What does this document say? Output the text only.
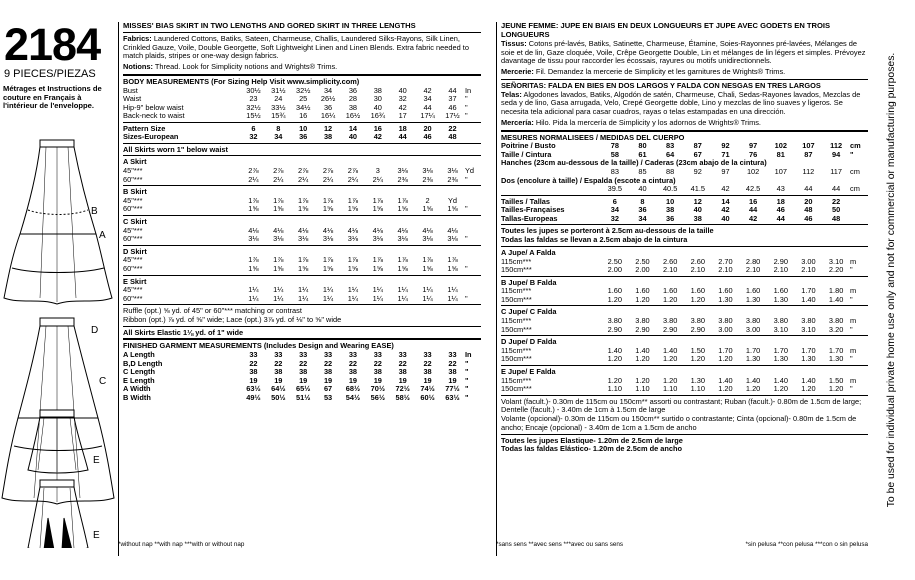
2184
9 PIECES/PIEZAS
Métrages et Instructions de couture en Français à l'intérieur de l'enveloppe.
B
A
D
C
E
E
MISSES' BIAS SKIRT IN TWO LENGTHS AND GORED SKIRT IN THREE LENGTHS
Fabrics: Laundered Cottons, Batiks, Sateen, Charmeuse, Challis, Laundered Silks-Rayons, Silk Linen, Crinkled Gauze, Voile, Double Georgette, Soft Lightweight Linen and Linen Blends. Extra fabric needed to match plaids, stripes or one-way design fabrics.
Notions: Thread. Look for Simplicity notions and Wrights® Trims.
BODY MEASUREMENTS (For Sizing Help Visit www.simplicity.com)
Bust	30½	31½	32½	34	36	38	40	42	44	In
Waist	23	24	25	26½	28	30	32	34	37	"
Hip-9" below waist	32½	33½	34½	36	38	40	42	44	46	"
Back-neck to waist	15½	15¾	16	16¼	16½	16¾	17	17¼	17½	"
Pattern Size	6	8	10	12	14	16	18	20	22	
Sizes-European	32	34	36	38	40	42	44	46	48	
All Skirts worn 1" below waist
A Skirt
45"***	2⅞	2⅞	2⅞	2⅞	2⅞	3	3⅛	3⅛	3⅛	Yd
60"***	2¼	2¼	2¼	2¼	2¼	2¼	2⅜	2⅜	2⅜	"
B Skirt
45"***	1⅞	1⅞	1⅞	1⅞	1⅞	1⅞	1⅞	2	Yd	
60"***	1⅝	1⅝	1⅝	1⅝	1⅝	1⅝	1⅝	1⅝	1⅝	"
C Skirt
45"***	4⅛	4⅛	4⅛	4⅛	4⅛	4⅛	4⅛	4⅛	4⅛	
60"***	3⅛	3⅛	3⅛	3⅛	3⅛	3⅛	3⅛	3⅛	3⅛	"
D Skirt
45"***	1⅞	1⅞	1⅞	1⅞	1⅞	1⅞	1⅞	1⅞	1⅞	
60"***	1⅝	1⅝	1⅝	1⅝	1⅝	1⅝	1⅝	1⅝	1⅝	"
E Skirt
45"***	1¼	1¼	1¼	1¼	1¼	1¼	1¼	1¼	1¼	
60"***	1¼	1¼	1¼	1¼	1¼	1¼	1¼	1¼	1¼	"
Ruffle (opt.) ⅝ yd. of 45" or 60"*** matching or contrast
Ribbon (opt.) ⅞ yd. of ⅝" wide; Lace (opt.) 3⅞ yd. of ⅛" to ⅝" wide
All Skirts Elastic 1⅛ yd. of 1" wide
FINISHED GARMENT MEASUREMENTS (Includes Design and Wearing EASE)
A Length	33	33	33	33	33	33	33	33	33	In
B,D Length	22	22	22	22	22	22	22	22	22	"
C Length	38	38	38	38	38	38	38	38	38	"
E Length	19	19	19	19	19	19	19	19	19	"
A Width	63½	64½	65½	67	68½	70½	72½	74½	77½	"
B Width	49½	50½	51½	53	54½	56½	58½	60½	63½	"
*without nap **with nap ***with or without nap
JEUNE FEMME: JUPE EN BIAIS EN DEUX LONGUEURS ET JUPE AVEC GODETS EN TROIS LONGUEURS
Tissus: Cotons pré-lavés, Batiks, Satinette, Charmeuse, Étamine, Soies-Rayonnes pré-lavées, Mélanges de soie et de lin, Gaze cloquée, Voile, Crêpe Georgette Double, Lin et mélanges de lin légers et simples. Prévoyez davantage de tissu pour raccorder les écossais, rayures ou motifs unidirectionnels.
Mercerie: Fil. Demandez la mercerie de Simplicity et les garnitures de Wrights® Trims.
SEÑORITAS: FALDA EN BIES EN DOS LARGOS Y FALDA CON NESGAS EN TRES LARGOS
Telas: Algodones lavados, Batiks, Algodón de satén, Charmeuse, Chali, Sedas-Rayones lavados, Mezclas de seda y de lino, Gasa arrugada, Velo, Crepé Georgette doble, Lino y mezclas de lino suaves y ligeros. Se necesita tela adicional para casar cuadros, rayas o telas estampadas en una dirección.
Mercería: Hilo. Pida la mercería de Simplicity y los adornos de Wrights® Trims.
MESURES NORMALISEES / MEDIDAS DEL CUERPO
Poitrine / Busto	78	80	83	87	92	97	102	107	112	cm
Taille / Cintura	58	61	64	67	71	76	81	87	94	"
Hanches (23cm au-dessous de la taille) / Caderas (23cm abajo de la cintura)
	83	85	88	92	97	102	107	112	117	cm
Dos (encolure à taille) / Espalda (escote a cintura)
	39.5	40	40.5	41.5	42	42.5	43	44	44	cm
Tailles / Tallas	6	8	10	12	14	16	18	20	22	
Tailles-Françaises	34	36	38	40	42	44	46	48	50	
Tallas-Europeas	32	34	36	38	40	42	44	46	48	
Toutes les jupes se porteront à 2.5cm au-dessous de la taille
Todas las faldas se llevan a 2.5cm abajo de la cintura
A Jupe/ A Falda
115cm***	2.50	2.50	2.60	2.60	2.70	2.80	2.90	3.00	3.10	m
150cm***	2.00	2.00	2.10	2.10	2.10	2.10	2.10	2.10	2.20	"
B Jupe/ B Falda
115cm***	1.60	1.60	1.60	1.60	1.60	1.60	1.60	1.70	1.80	m
150cm***	1.20	1.20	1.20	1.20	1.30	1.30	1.30	1.40	1.40	"
C Jupe/ C Falda
115cm***	3.80	3.80	3.80	3.80	3.80	3.80	3.80	3.80	3.80	m
150cm***	2.90	2.90	2.90	2.90	3.00	3.00	3.10	3.10	3.20	"
D Jupe/ D Falda
115cm***	1.40	1.40	1.40	1.50	1.70	1.70	1.70	1.70	1.70	m
150cm***	1.20	1.20	1.20	1.20	1.20	1.30	1.30	1.30	1.30	"
E Jupe/ E Falda
115cm***	1.20	1.20	1.20	1.30	1.40	1.40	1.40	1.40	1.50	m
150cm***	1.10	1.10	1.10	1.10	1.20	1.20	1.20	1.20	1.20	"
Volant (facult.)- 0.30m de 115cm ou 150cm** assorti ou contrastant; Ruban (facult.)- 0.80m de 1.5cm de large; Dentelle (facult.) - 3.40m de 1cm à 1.5cm de large
Volante (opcional)- 0.30m de 115cm ou 150cm** surtido o contrastante; Cinta (opcional)- 0.80m de 1.5cm de ancho; Encaje (opcional) - 3.40m de 1cm a 1.5cm de ancho
Toutes les jupes Elastique- 1.20m de 2.5cm de large
Todas las faldas Elástico- 1.20m de 2.5cm de ancho
*sans sens **avec sens ***avec ou sans sens	*sin pelusa **con pelusa ***con o sin pelusa
To be used for individual private home use only and not for commercial or manufacturing purposes.
